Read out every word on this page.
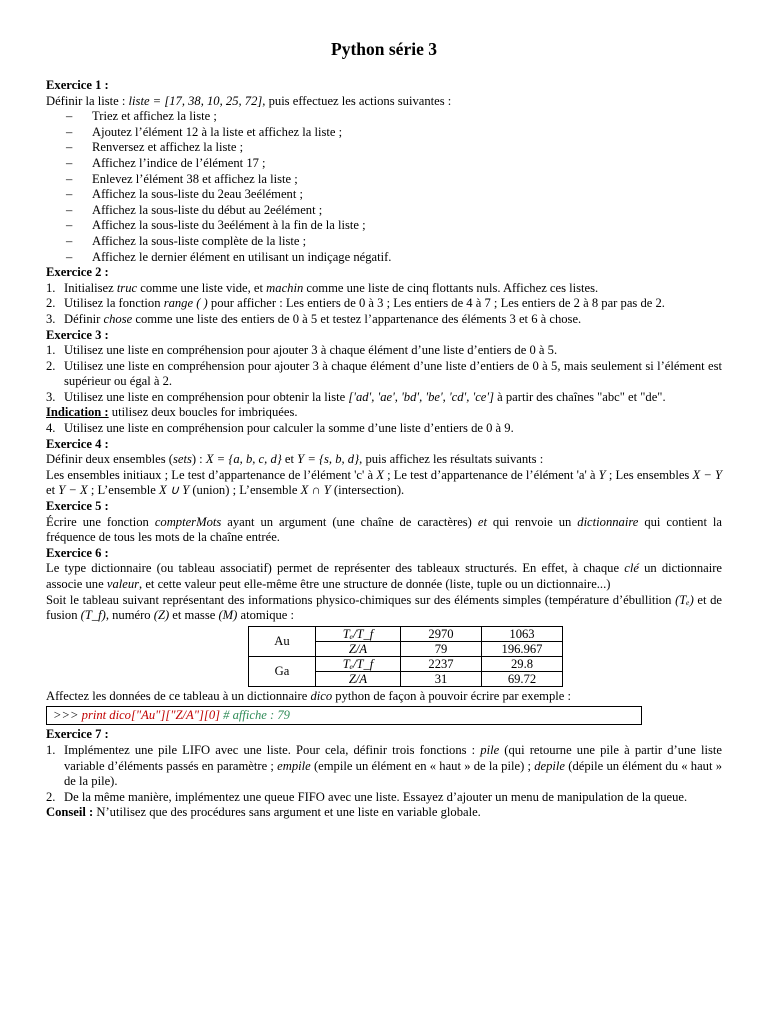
Python série 3
Exercice 1 :
Définir la liste : liste = [17, 38, 10, 25, 72], puis effectuez les actions suivantes :
– Triez et affichez la liste ;
– Ajoutez l’élément 12 à la liste et affichez la liste ;
– Renversez et affichez la liste ;
– Affichez l’indice de l’élément 17 ;
– Enlevez l’élément 38 et affichez la liste ;
– Affichez la sous-liste du 2eau 3eélément ;
– Affichez la sous-liste du début au 2eélément ;
– Affichez la sous-liste du 3eélément à la fin de la liste ;
– Affichez la sous-liste complète de la liste ;
– Affichez le dernier élément en utilisant un indiçage négatif.
Exercice 2 :
1. Initialisez truc comme une liste vide, et machin comme une liste de cinq flottants nuls. Affichez ces listes.
2. Utilisez la fonction range ( ) pour afficher : Les entiers de 0 à 3 ; Les entiers de 4 à 7 ; Les entiers de 2 à 8 par pas de 2.
3. Définir chose comme une liste des entiers de 0 à 5 et testez l’appartenance des éléments 3 et 6 à chose.
Exercice 3 :
1. Utilisez une liste en compréhension pour ajouter 3 à chaque élément d’une liste d’entiers de 0 à 5.
2. Utilisez une liste en compréhension pour ajouter 3 à chaque élément d’une liste d’entiers de 0 à 5, mais seulement si l’élément est supérieur ou égal à 2.
3. Utilisez une liste en compréhension pour obtenir la liste ['ad', 'ae', 'bd', 'be', 'cd', 'ce'] à partir des chaînes "abc" et "de".
Indication : utilisez deux boucles for imbriquées.
4. Utilisez une liste en compréhension pour calculer la somme d’une liste d’entiers de 0 à 9.
Exercice 4 :
Définir deux ensembles (sets) : X = {a, b, c, d} et Y = {s, b, d}, puis affichez les résultats suivants :
Les ensembles initiaux ; Le test d’appartenance de l’élément 'c' à X ; Le test d’appartenance de l’élément 'a' à Y ; Les ensembles X − Y et Y − X ; L’ensemble X ∪ Y (union) ; L’ensemble X ∩ Y (intersection).
Exercice 5 :
Écrire une fonction compterMots ayant un argument (une chaîne de caractères) et qui renvoie un dictionnaire qui contient la fréquence de tous les mots de la chaîne entrée.
Exercice 6 :
Le type dictionnaire (ou tableau associatif) permet de représenter des tableaux structurés. En effet, à chaque clé un dictionnaire associe une valeur, et cette valeur peut elle-même être une structure de donnée (liste, tuple ou un dictionnaire...)
Soit le tableau suivant représentant des informations physico-chimiques sur des éléments simples (température d’ébullition (Tₑ) et de fusion (T_f), numéro (Z) et masse (M) atomique :
Au	Tₑ/T_f	2970	1063
	Z/A	79	196.967
Ga	Tₑ/T_f	2237	29.8
	Z/A	31	69.72
Affectez les données de ce tableau à un dictionnaire dico python de façon à pouvoir écrire par exemple :
>>> print dico["Au"]["Z/A"][0] # affiche : 79
Exercice 7 :
1. Implémentez une pile LIFO avec une liste. Pour cela, définir trois fonctions : pile (qui retourne une pile à partir d’une liste variable d’éléments passés en paramètre ; empile (empile un élément en « haut » de la pile) ; depile (dépile un élément du « haut » de la pile).
2. De la même manière, implémentez une queue FIFO avec une liste. Essayez d’ajouter un menu de manipulation de la queue.
Conseil : N’utilisez que des procédures sans argument et une liste en variable globale.
